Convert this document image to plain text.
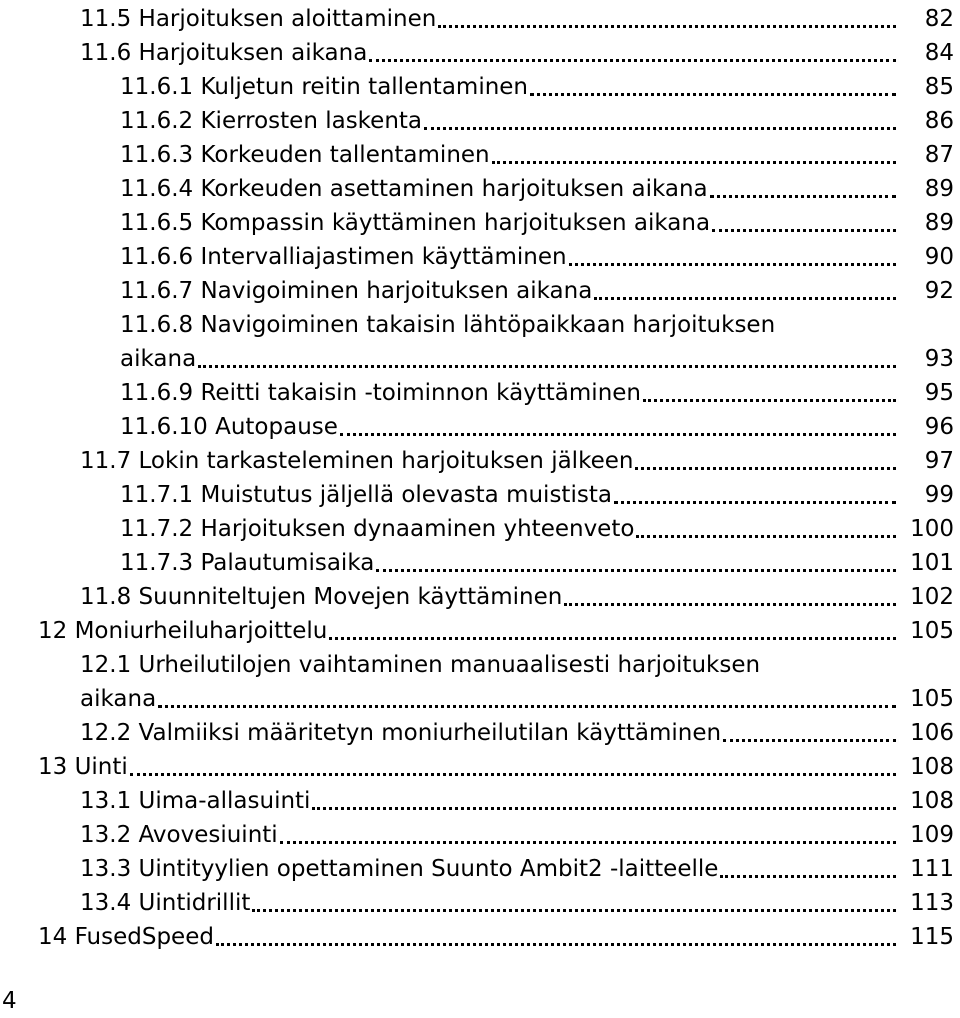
11.5 Harjoituksen aloittaminen	82
11.6 Harjoituksen aikana	84
11.6.1 Kuljetun reitin tallentaminen	85
11.6.2 Kierrosten laskenta	86
11.6.3 Korkeuden tallentaminen	87
11.6.4 Korkeuden asettaminen harjoituksen aikana	89
11.6.5 Kompassin käyttäminen harjoituksen aikana	89
11.6.6 Intervalliajastimen käyttäminen	90
11.6.7 Navigoiminen harjoituksen aikana	92
11.6.8 Navigoiminen takaisin lähtöpaikkaan harjoituksen
aikana	93
11.6.9 Reitti takaisin -toiminnon käyttäminen	95
11.6.10 Autopause	96
11.7 Lokin tarkasteleminen harjoituksen jälkeen	97
11.7.1 Muistutus jäljellä olevasta muistista	99
11.7.2 Harjoituksen dynaaminen yhteenveto	100
11.7.3 Palautumisaika	101
11.8 Suunniteltujen Movejen käyttäminen	102
12 Moniurheiluharjoittelu	105
12.1 Urheilutilojen vaihtaminen manuaalisesti harjoituksen
aikana	105
12.2 Valmiiksi määritetyn moniurheilutilan käyttäminen	106
13 Uinti	108
13.1 Uima-allasuinti	108
13.2 Avovesiuinti	109
13.3 Uintityylien opettaminen Suunto Ambit2 -laitteelle	111
13.4 Uintidrillit	113
14 FusedSpeed	115
4
